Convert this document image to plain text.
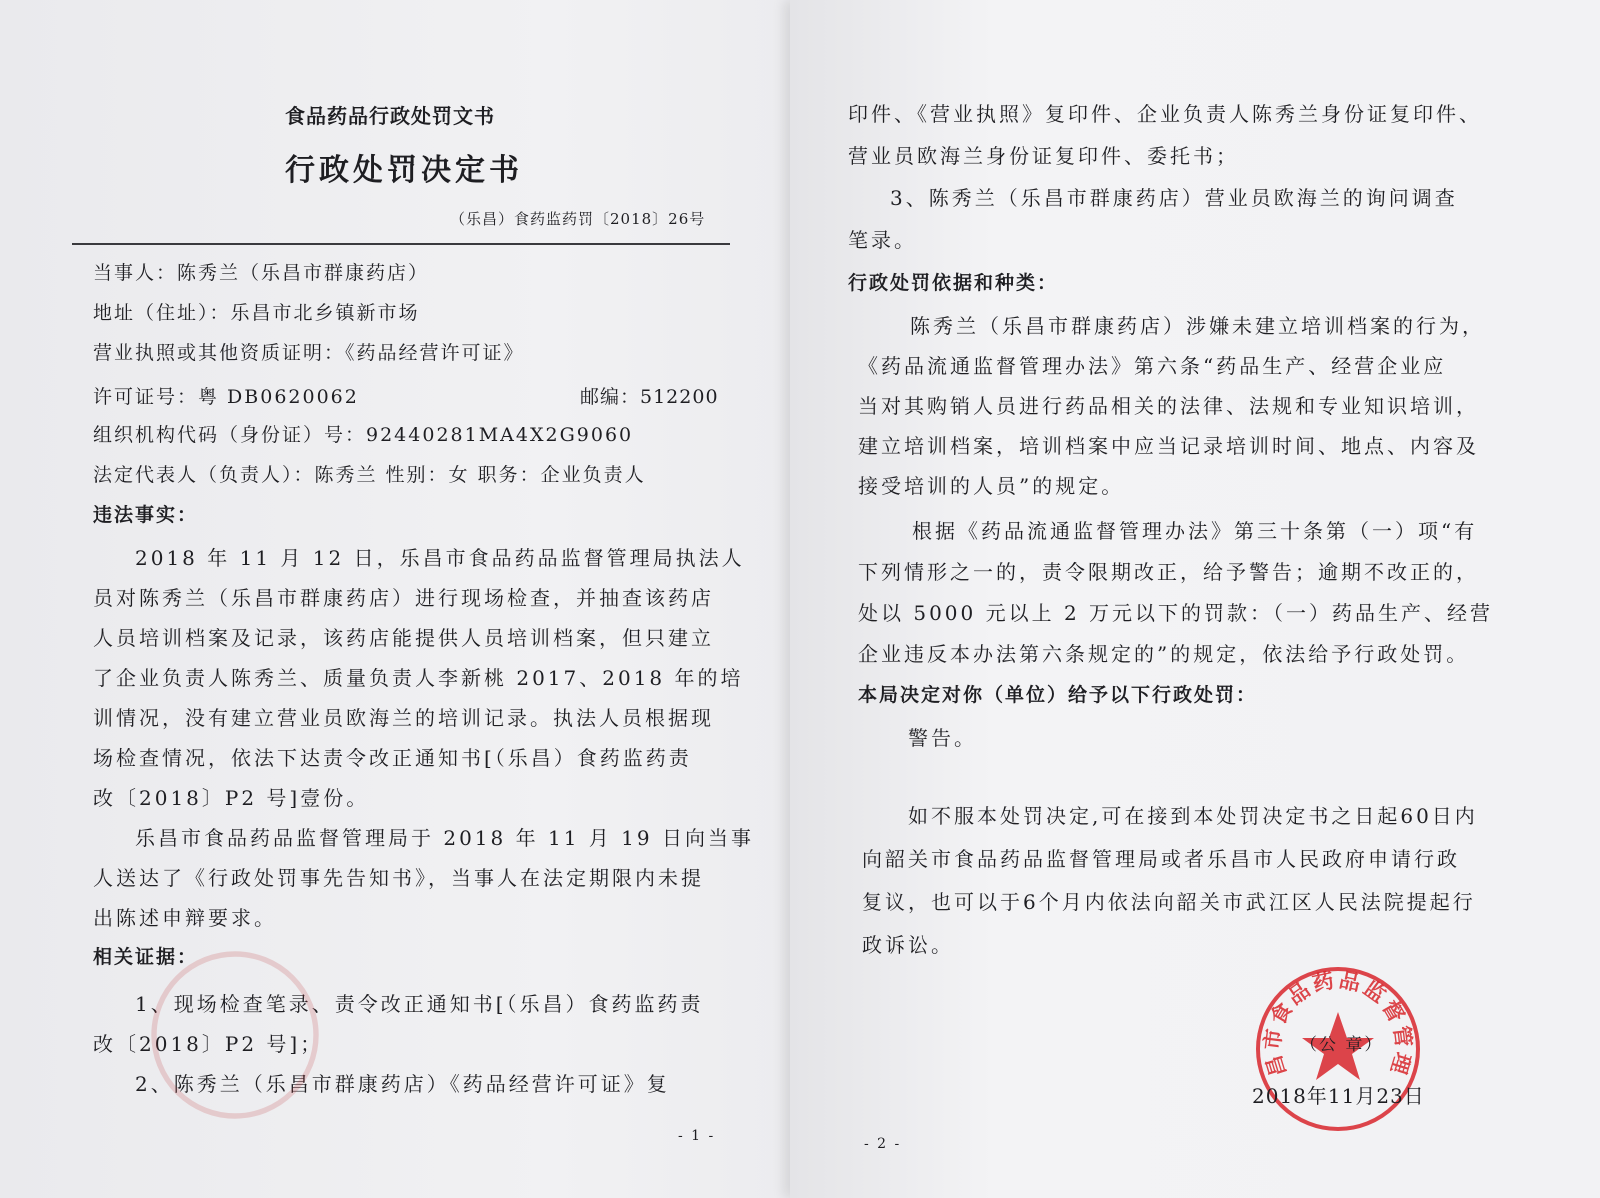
食品药品行政处罚文书
行政处罚决定书
（乐昌）食药监药罚〔2018〕26号
当事人：陈秀兰（乐昌市群康药店）
地址（住址）：乐昌市北乡镇新市场
营业执照或其他资质证明：《药品经营许可证》
许可证号：粤 DB0620062	邮编：512200
组织机构代码（身份证）号：92440281MA4X2G9060
法定代表人（负责人）：陈秀兰 性别：女 职务：企业负责人
违法事实：
2018 年 11 月 12 日，乐昌市食品药品监督管理局执法人
员对陈秀兰（乐昌市群康药店）进行现场检查，并抽查该药店
人员培训档案及记录，该药店能提供人员培训档案，但只建立
了企业负责人陈秀兰、质量负责人李新桃 2017、2018 年的培
训情况，没有建立营业员欧海兰的培训记录。执法人员根据现
场检查情况，依法下达责令改正通知书[（乐昌）食药监药责
改〔2018〕P2 号]壹份。
乐昌市食品药品监督管理局于 2018 年 11 月 19 日向当事
人送达了《行政处罚事先告知书》，当事人在法定期限内未提
出陈述申辩要求。
相关证据：
1、现场检查笔录、责令改正通知书[（乐昌）食药监药责
改〔2018〕P2 号]；
2、陈秀兰（乐昌市群康药店）《药品经营许可证》复
- 1 -
印件、《营业执照》复印件、企业负责人陈秀兰身份证复印件、
营业员欧海兰身份证复印件、委托书；
3、陈秀兰（乐昌市群康药店）营业员欧海兰的询问调查
笔录。
行政处罚依据和种类：
陈秀兰（乐昌市群康药店）涉嫌未建立培训档案的行为，
《药品流通监督管理办法》第六条“药品生产、经营企业应
当对其购销人员进行药品相关的法律、法规和专业知识培训，
建立培训档案，培训档案中应当记录培训时间、地点、内容及
接受培训的人员”的规定。
根据《药品流通监督管理办法》第三十条第（一）项“有
下列情形之一的，责令限期改正，给予警告；逾期不改正的，
处以 5000 元以上 2 万元以下的罚款：（一）药品生产、经营
企业违反本办法第六条规定的”的规定，依法给予行政处罚。
本局决定对你（单位）给予以下行政处罚：
警告。
如不服本处罚决定,可在接到本处罚决定书之日起60日内
向韶关市食品药品监督管理局或者乐昌市人民政府申请行政
复议，也可以于6个月内依法向韶关市武江区人民法院提起行
政诉讼。
昌市食品药品监督管理
（公 章）
2018年11月23日
- 2 -
